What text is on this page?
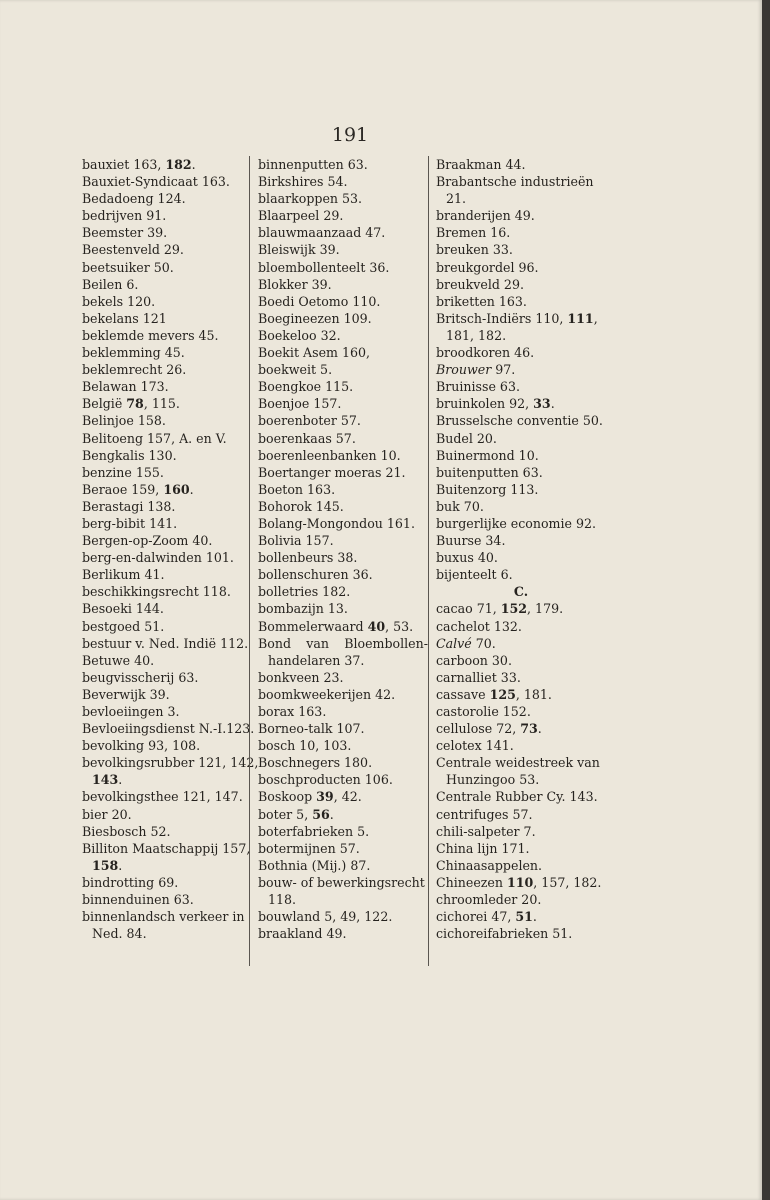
191
bauxiet 163, 182.
Bauxiet-Syndicaat 163.
Bedadoeng 124.
bedrijven 91.
Beemster 39.
Beestenveld 29.
beetsuiker 50.
Beilen 6.
bekels 120.
bekelans 121
beklemde mevers 45.
beklemming 45.
beklemrecht 26.
Belawan 173.
België 78, 115.
Belinjoe 158.
Belitoeng 157, A. en V.
Bengkalis 130.
benzine 155.
Beraoe 159, 160.
Berastagi 138.
berg-bibit 141.
Bergen-op-Zoom 40.
berg-en-dalwinden 101.
Berlikum 41.
beschikkingsrecht 118.
Besoeki 144.
bestgoed 51.
bestuur v. Ned. Indië 112.
Betuwe 40.
beugvisscherij 63.
Beverwijk 39.
bevloeiingen 3.
Bevloeiingsdienst N.-I.123.
bevolking 93, 108.
bevolkingsrubber 121, 142,
143.
bevolkingsthee 121, 147.
bier 20.
Biesbosch 52.
Billiton Maatschappij 157,
158.
bindrotting 69.
binnenduinen 63.
binnenlandsch verkeer in
Ned. 84.
binnenputten 63.
Birkshires 54.
blaarkoppen 53.
Blaarpeel 29.
blauwmaanzaad 47.
Bleiswijk 39.
bloembollenteelt 36.
Blokker 39.
Boedi Oetomo 110.
Boegineezen 109.
Boekeloo 32.
Boekit Asem 160,
boekweit 5.
Boengkoe 115.
Boenjoe 157.
boerenboter 57.
boerenkaas 57.
boerenleenbanken 10.
Boertanger moeras 21.
Boeton 163.
Bohorok 145.
Bolang-Mongondou 161.
Bolivia 157.
bollenbeurs 38.
bollenschuren 36.
bolletries 182.
bombazijn 13.
Bommelerwaard 40, 53.
Bond van Bloembollen-
handelaren 37.
bonkveen 23.
boomkweekerijen 42.
borax 163.
Borneo-talk 107.
bosch 10, 103.
Boschnegers 180.
boschproducten 106.
Boskoop 39, 42.
boter 5, 56.
boterfabrieken 5.
botermijnen 57.
Bothnia (Mij.) 87.
bouw- of bewerkingsrecht
118.
bouwland 5, 49, 122.
braakland 49.
Braakman 44.
Brabantsche industrieën
21.
branderijen 49.
Bremen 16.
breuken 33.
breukgordel 96.
breukveld 29.
briketten 163.
Britsch-Indiërs 110, 111,
181, 182.
broodkoren 46.
Brouwer 97.
Bruinisse 63.
bruinkolen 92, 33.
Brusselsche conventie 50.
Budel 20.
Buinermond 10.
buitenputten 63.
Buitenzorg 113.
buk 70.
burgerlijke economie 92.
Buurse 34.
buxus 40.
bijenteelt 6.
C.
cacao 71, 152, 179.
cachelot 132.
Calvé 70.
carboon 30.
carnalliet 33.
cassave 125, 181.
castorolie 152.
cellulose 72, 73.
celotex 141.
Centrale weidestreek van
Hunzingoo 53.
Centrale Rubber Cy. 143.
centrifuges 57.
chili-salpeter 7.
China lijn 171.
Chinaasappelen.
Chineezen 110, 157, 182.
chroomleder 20.
cichorei 47, 51.
cichoreifabrieken 51.
